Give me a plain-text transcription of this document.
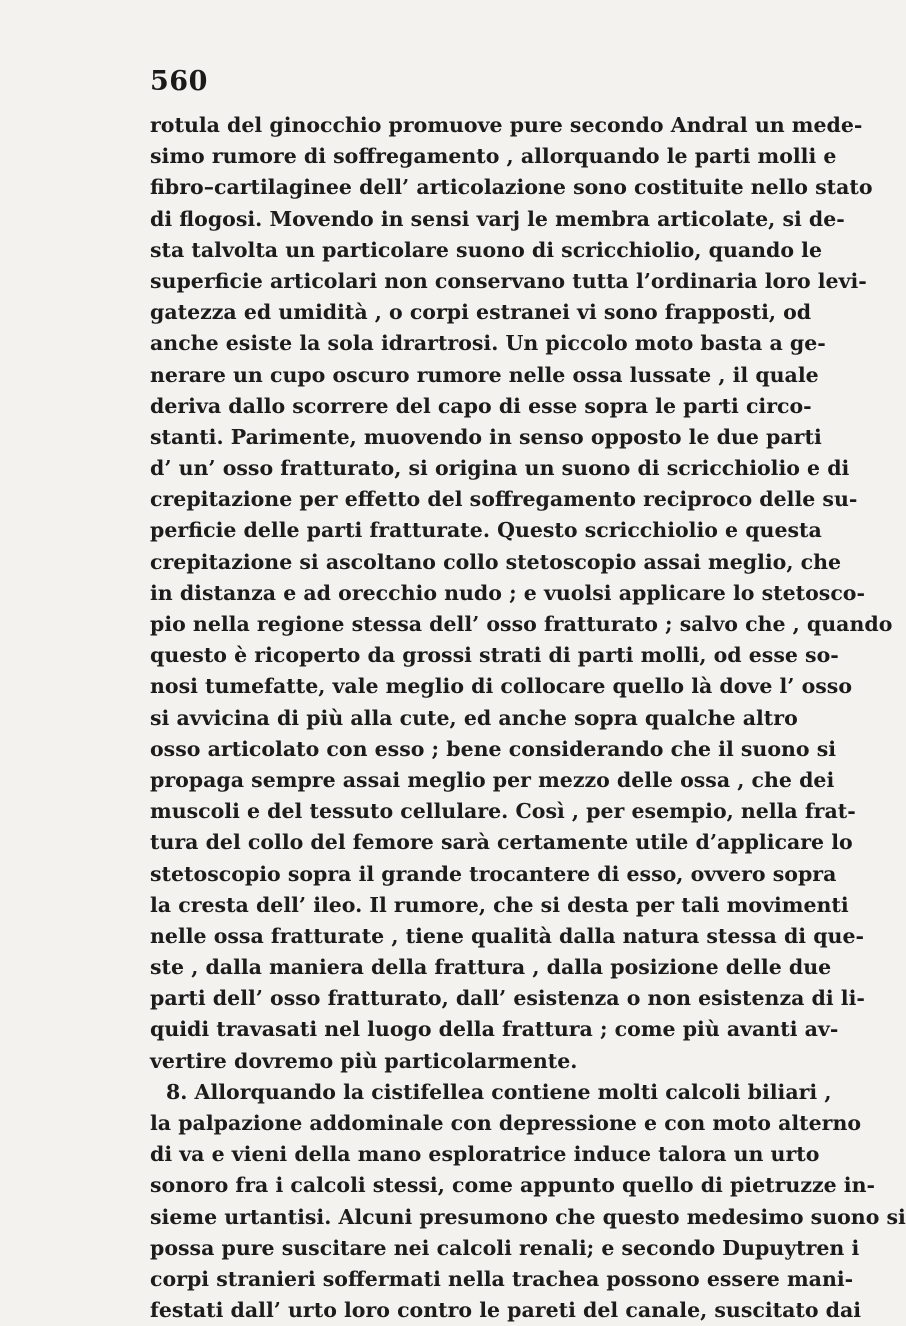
560
rotula del ginocchio promuove pure secondo Andral un mede-
simo rumore di soffregamento , allorquando le parti molli e
fibro–cartilaginee dell’ articolazione sono costituite nello stato
di flogosi. Movendo in sensi varj le membra articolate, si de-
sta talvolta un particolare suono di scricchiolio, quando le
superficie articolari non conservano tutta l’ordinaria loro levi-
gatezza ed umidità , o corpi estranei vi sono frapposti, od
anche esiste la sola idrartrosi. Un piccolo moto basta a ge-
nerare un cupo oscuro rumore nelle ossa lussate , il quale
deriva dallo scorrere del capo di esse sopra le parti circo-
stanti. Parimente, muovendo in senso opposto le due parti
d’ un’ osso fratturato, si origina un suono di scricchiolio e di
crepitazione per effetto del soffregamento reciproco delle su-
perficie delle parti fratturate. Questo scricchiolio e questa
crepitazione si ascoltano collo stetoscopio assai meglio, che
in distanza e ad orecchio nudo ; e vuolsi applicare lo stetosco-
pio nella regione stessa dell’ osso fratturato ; salvo che , quando
questo è ricoperto da grossi strati di parti molli, od esse so-
nosi tumefatte, vale meglio di collocare quello là dove l’ osso
si avvicina di più alla cute, ed anche sopra qualche altro
osso articolato con esso ; bene considerando che il suono si
propaga sempre assai meglio per mezzo delle ossa , che dei
muscoli e del tessuto cellulare. Così , per esempio, nella frat-
tura del collo del femore sarà certamente utile d’applicare lo
stetoscopio sopra il grande trocantere di esso, ovvero sopra
la cresta dell’ ileo. Il rumore, che si desta per tali movimenti
nelle ossa fratturate , tiene qualità dalla natura stessa di que-
ste , dalla maniera della frattura , dalla posizione delle due
parti dell’ osso fratturato, dall’ esistenza o non esistenza di li-
quidi travasati nel luogo della frattura ; come più avanti av-
vertire dovremo più particolarmente.
8. Allorquando la cistifellea contiene molti calcoli biliari ,
la palpazione addominale con depressione e con moto alterno
di va e vieni della mano esploratrice induce talora un urto
sonoro fra i calcoli stessi, come appunto quello di pietruzze in-
sieme urtantisi. Alcuni presumono che questo medesimo suono si
possa pure suscitare nei calcoli renali; e secondo Dupuytren i
corpi stranieri soffermati nella trachea possono essere mani-
festati dall’ urto loro contro le pareti del canale, suscitato dai
